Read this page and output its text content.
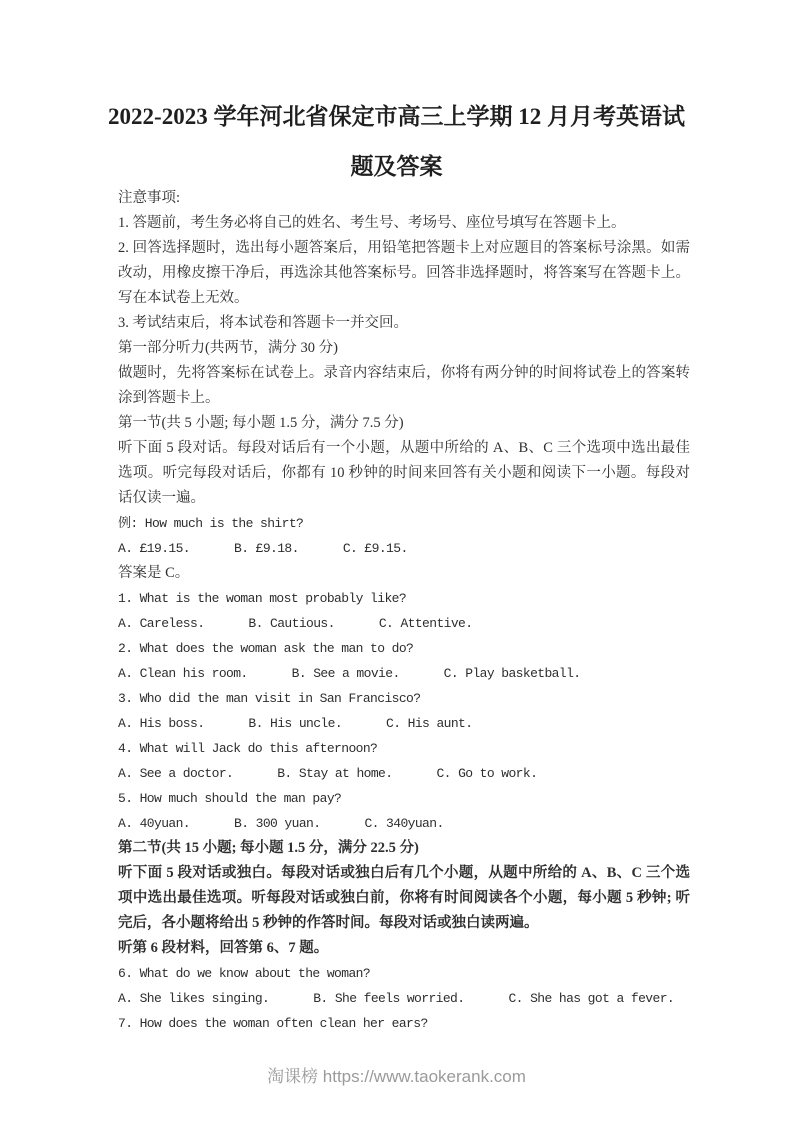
2022-2023 学年河北省保定市高三上学期 12 月月考英语试
题及答案
注意事项:
1. 答题前，考生务必将自己的姓名、考生号、考场号、座位号填写在答题卡上。
2. 回答选择题时，选出每小题答案后，用铅笔把答题卡上对应题目的答案标号涂黑。如需改动，用橡皮擦干净后，再选涂其他答案标号。回答非选择题时，将答案写在答题卡上。写在本试卷上无效。
3. 考试结束后，将本试卷和答题卡一并交回。
第一部分听力(共两节，满分 30 分)
做题时，先将答案标在试卷上。录音内容结束后，你将有两分钟的时间将试卷上的答案转涂到答题卡上。
第一节(共 5 小题; 每小题 1.5 分，满分 7.5 分)
听下面 5 段对话。每段对话后有一个小题，从题中所给的 A、B、C 三个选项中选出最佳选项。听完每段对话后，你都有 10 秒钟的时间来回答有关小题和阅读下一小题。每段对话仅读一遍。
例: How much is the shirt?
A. £19.15.	B. £9.18.	C. £9.15.
答案是 C。
1. What is the woman most probably like?
A. Careless.	B. Cautious.	C. Attentive.
2. What does the woman ask the man to do?
A. Clean his room.	B. See a movie.	C. Play basketball.
3. Who did the man visit in San Francisco?
A. His boss.	B. His uncle.	C. His aunt.
4. What will Jack do this afternoon?
A. See a doctor.	B. Stay at home.	C. Go to work.
5. How much should the man pay?
A. 40yuan.	B. 300 yuan.	C. 340yuan.
第二节(共 15 小题; 每小题 1.5 分，满分 22.5 分)
听下面 5 段对话或独白。每段对话或独白后有几个小题，从题中所给的 A、B、C 三个选项中选出最佳选项。听每段对话或独白前，你将有时间阅读各个小题，每小题 5 秒钟; 听完后，各小题将给出 5 秒钟的作答时间。每段对话或独白读两遍。
听第 6 段材料，回答第 6、7 题。
6. What do we know about the woman?
A. She likes singing.	B. She feels worried.	C. She has got a fever.
7. How does the woman often clean her ears?
淘课榜 https://www.taokerank.com
